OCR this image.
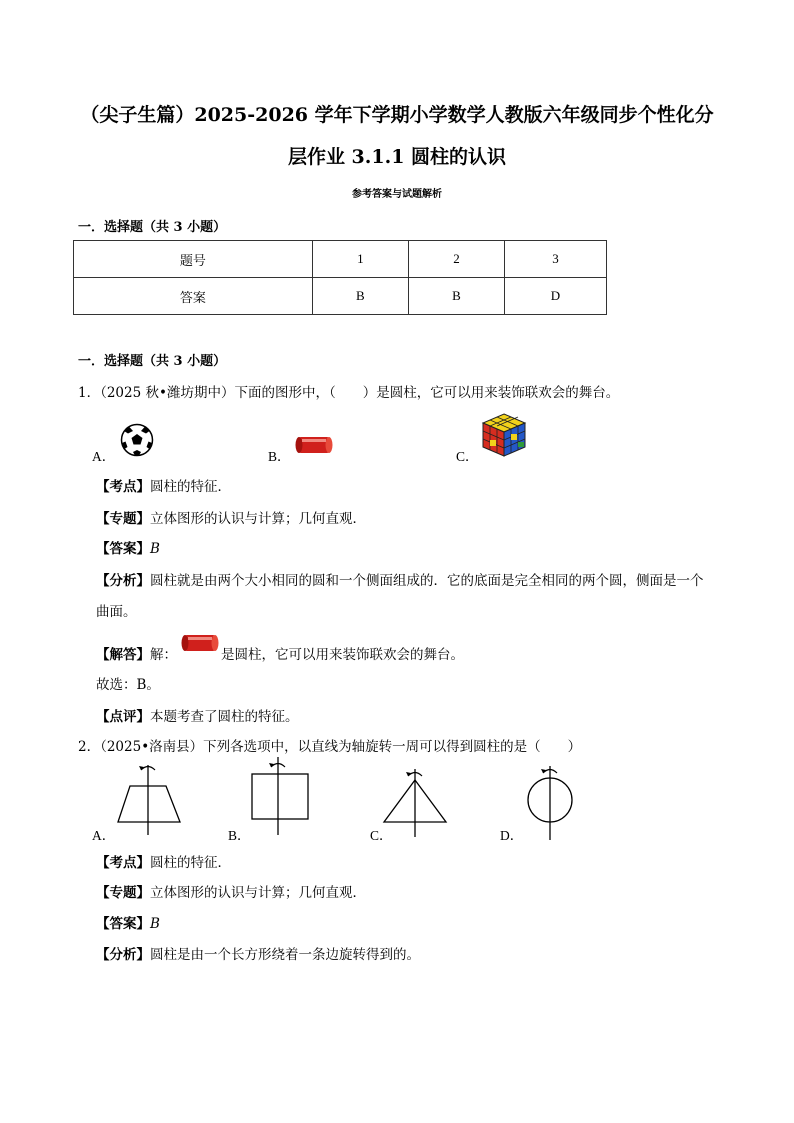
（尖子生篇）2025-2026 学年下学期小学数学人教版六年级同步个性化分
层作业 3.1.1 圆柱的认识
参考答案与试题解析
一．选择题（共 3 小题）
题号	1	2	3
答案	B	B	D
一．选择题（共 3 小题）
1．（2025 秋•潍坊期中）下面的图形中，（　　）是圆柱，它可以用来装饰联欢会的舞台。
A．	B．	C．
【考点】圆柱的特征．
【专题】立体图形的认识与计算；几何直观．
【答案】B
【分析】圆柱就是由两个大小相同的圆和一个侧面组成的．它的底面是完全相同的两个圆，侧面是一个
曲面。
【解答】解：	是圆柱，它可以用来装饰联欢会的舞台。
故选：B。
【点评】本题考查了圆柱的特征。
2．（2025•洛南县）下列各选项中，以直线为轴旋转一周可以得到圆柱的是（　　）
A．	B．	C．	D．
【考点】圆柱的特征．
【专题】立体图形的认识与计算；几何直观．
【答案】B
【分析】圆柱是由一个长方形绕着一条边旋转得到的。
